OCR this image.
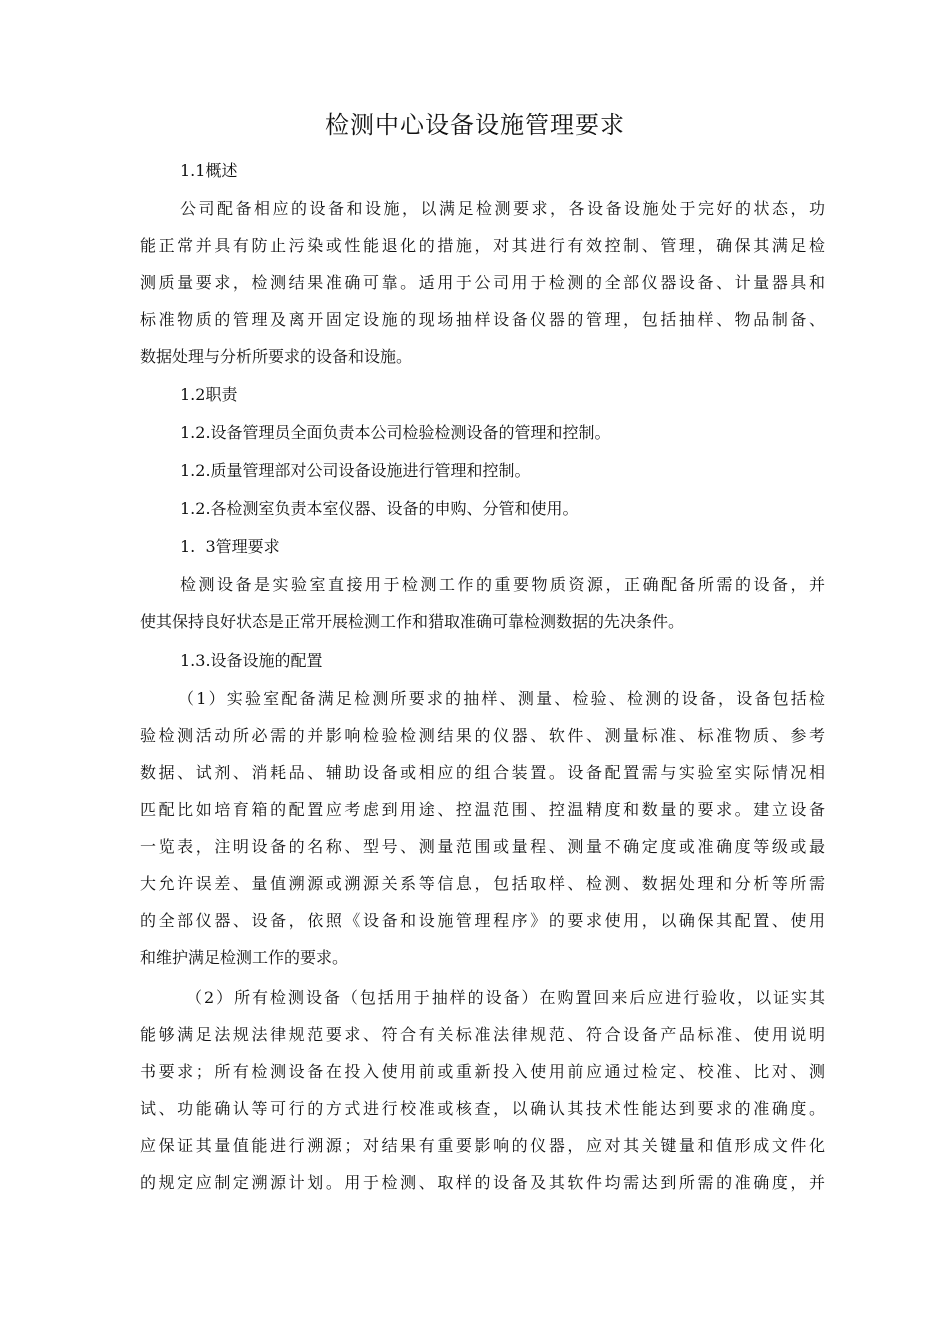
检测中心设备设施管理要求
1.1概述
公司配备相应的设备和设施，以满足检测要求，各设备设施处于完好的状态，功
能正常并具有防止污染或性能退化的措施，对其进行有效控制、管理，确保其满足检
测质量要求，检测结果准确可靠。适用于公司用于检测的全部仪器设备、计量器具和
标准物质的管理及离开固定设施的现场抽样设备仪器的管理，包括抽样、物品制备、
数据处理与分析所要求的设备和设施。
1.2职责
1.2.设备管理员全面负责本公司检验检测设备的管理和控制。
1.2.质量管理部对公司设备设施进行管理和控制。
1.2.各检测室负责本室仪器、设备的申购、分管和使用。
1.  3管理要求
检测设备是实验室直接用于检测工作的重要物质资源，正确配备所需的设备，并
使其保持良好状态是正常开展检测工作和猎取准确可靠检测数据的先决条件。
1.3.设备设施的配置
（1）实验室配备满足检测所要求的抽样、测量、检验、检测的设备，设备包括检
验检测活动所必需的并影响检验检测结果的仪器、软件、测量标准、标准物质、参考
数据、试剂、消耗品、辅助设备或相应的组合装置。设备配置需与实验室实际情况相
匹配比如培育箱的配置应考虑到用途、控温范围、控温精度和数量的要求。建立设备
一览表，注明设备的名称、型号、测量范围或量程、测量不确定度或准确度等级或最
大允许误差、量值溯源或溯源关系等信息，包括取样、检测、数据处理和分析等所需
的全部仪器、设备，依照《设备和设施管理程序》的要求使用，以确保其配置、使用
和维护满足检测工作的要求。
（2）所有检测设备（包括用于抽样的设备）在购置回来后应进行验收，以证实其
能够满足法规法律规范要求、符合有关标准法律规范、符合设备产品标准、使用说明
书要求；所有检测设备在投入使用前或重新投入使用前应通过检定、校准、比对、测
试、功能确认等可行的方式进行校准或核查，以确认其技术性能达到要求的准确度。
应保证其量值能进行溯源；对结果有重要影响的仪器，应对其关键量和值形成文件化
的规定应制定溯源计划。用于检测、取样的设备及其软件均需达到所需的准确度，并
